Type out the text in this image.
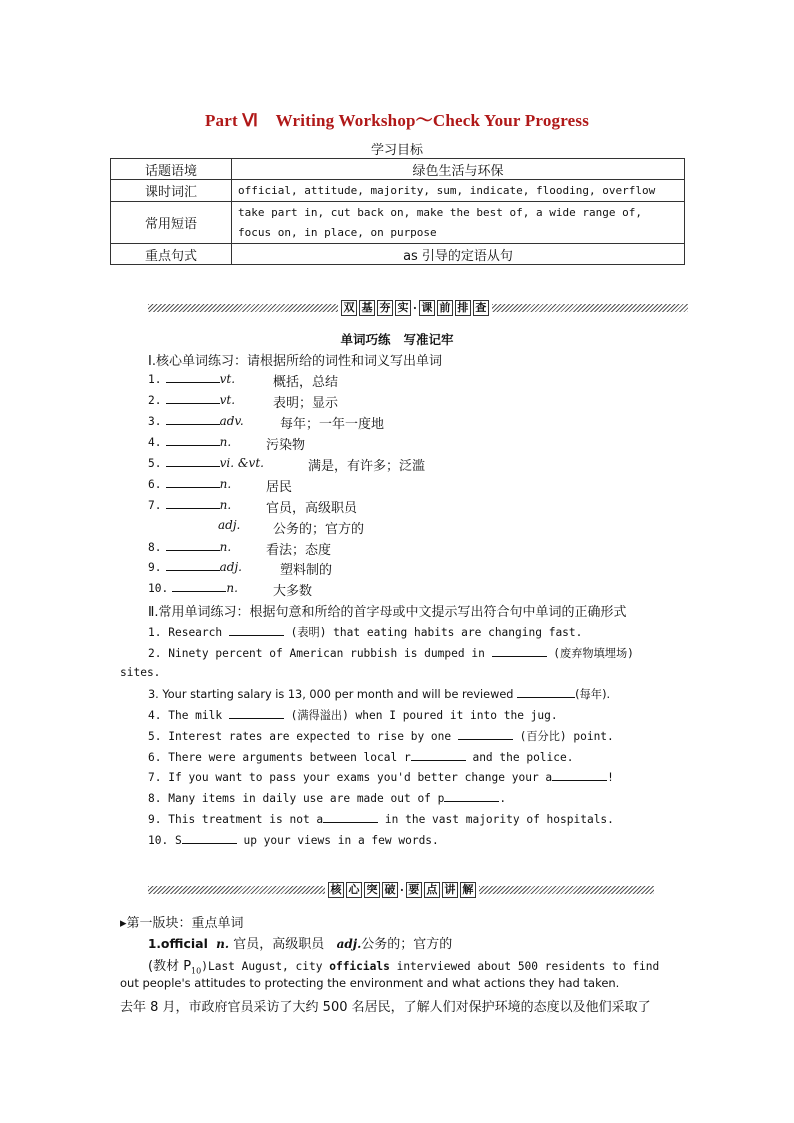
Part Ⅵ    Writing Workshop～Check Your Progress
学习目标
话题语境	绿色生活与环保
课时词汇	official, attitude, majority, sum, indicate, flooding, overflow
常用短语	take part in, cut back on, make the best of, a wide range of, focus on, in place, on purpose
重点句式	as 引导的定语从句
双 基 夯 实 · 课 前 排 查
单词巧练   写准记牢
Ⅰ.核心单词练习：请根据所给的词性和词义写出单词
1.	vt.	概括，总结
2.	vt.	表明；显示
3.	adv.	每年；一年一度地
4.	n.	污染物
5.	vi. &vt.	满是，有许多；泛滥
6.	n.	居民
7.	n.	官员，高级职员
adj.	公务的；官方的
8.	n.	看法；态度
9.	adj.	塑料制的
10.	n.	大多数
Ⅱ.常用单词练习：根据句意和所给的首字母或中文提示写出符合句中单词的正确形式
1. Research	(表明) that eating habits are changing fast.
2. Ninety percent of American rubbish is dumped in	(废弃物填埋场)
sites.
3. Your starting salary is 13, 000 per month and will be reviewed	(每年).
4. The milk	(满得溢出) when I poured it into the jug.
5. Interest rates are expected to rise by one	(百分比) point.
6. There were arguments between local r	and the police.
7. If you want to pass your exams you'd better change your a	!
8. Many items in daily use are made out of p	.
9. This treatment is not a	in the vast majority of hospitals.
10. S	up your views in a few words.
核 心 突 破 · 要 点 讲 解
▸第一版块：重点单词
1.official n. 官员，高级职员 adj.公务的；官方的
(教材 $P_{10})Last$ August, city officials interviewed about 500 residents to find
out people's attitudes to protecting the environment and what actions they had taken.
去年 8 月，市政府官员采访了大约 500 名居民，了解人们对保护环境的态度以及他们采取了
